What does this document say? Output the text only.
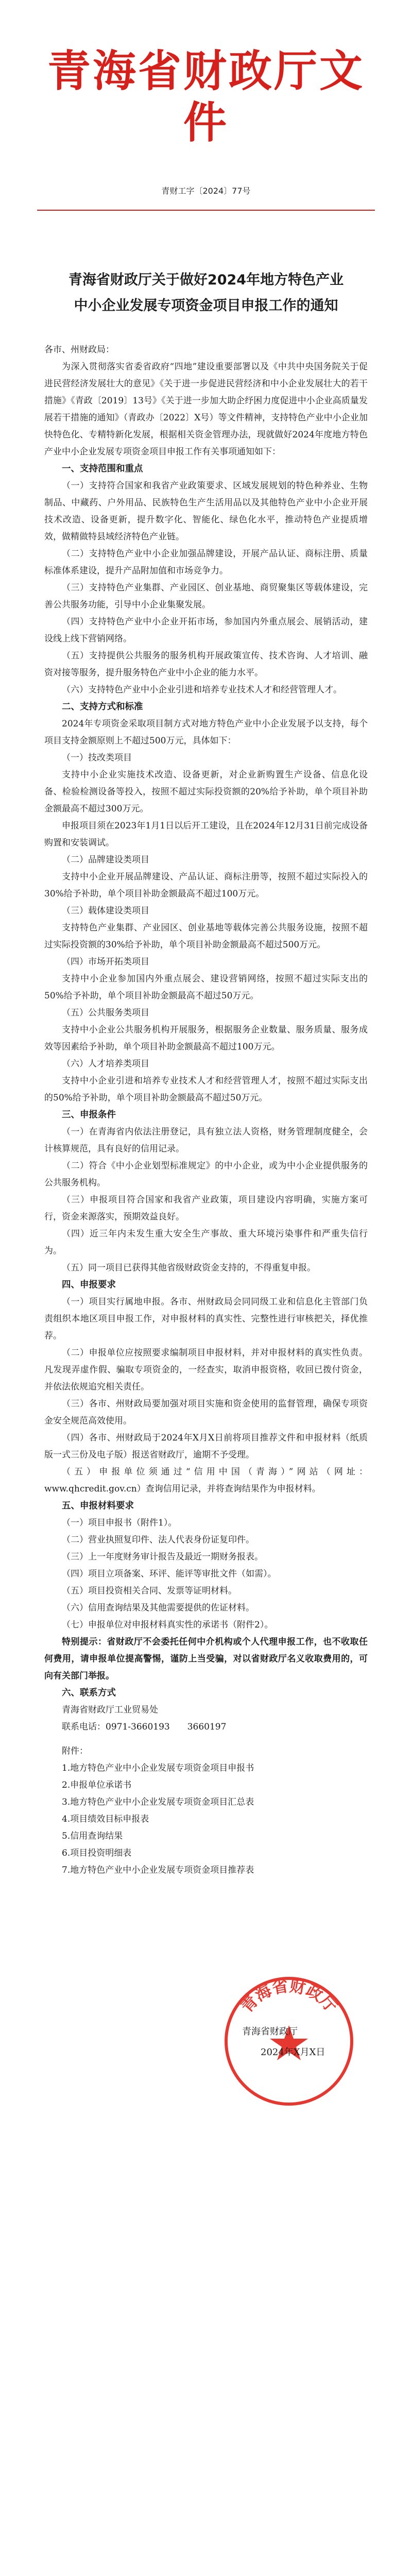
青海省财政厅文件
青财工字〔2024〕77号
青海省财政厅关于做好2024年地方特色产业
中小企业发展专项资金项目申报工作的通知

各市、州财政局：

为深入贯彻落实省委省政府“四地”建设重要部署以及《中共中央国务院关于促进民营经济发展壮大的意见》《关于进一步促进民营经济和中小企业发展壮大的若干措施》《青政〔2019〕13号》《关于进一步加大助企纾困力度促进中小企业高质量发展若干措施的通知》（青政办〔2022〕X号）等文件精神，支持特色产业中小企业加快特色化、专精特新化发展，根据相关资金管理办法，现就做好2024年度地方特色产业中小企业发展专项资金项目申报工作有关事项通知如下：

一、支持范围和重点

（一）支持符合国家和我省产业政策要求、区域发展规划的特色种养业、生物制品、中藏药、户外用品、民族特色生产生活用品以及其他特色产业中小企业开展技术改造、设备更新，提升数字化、智能化、绿色化水平，推动特色产业提质增效，做精做特县域经济特色产业链。

（二）支持特色产业中小企业加强品牌建设，开展产品认证、商标注册、质量标准体系建设，提升产品附加值和市场竞争力。

（三）支持特色产业集群、产业园区、创业基地、商贸聚集区等载体建设，完善公共服务功能，引导中小企业集聚发展。

（四）支持特色产业中小企业开拓市场，参加国内外重点展会、展销活动，建设线上线下营销网络。

（五）支持提供公共服务的服务机构开展政策宣传、技术咨询、人才培训、融资对接等服务，提升服务特色产业中小企业的能力水平。

（六）支持特色产业中小企业引进和培养专业技术人才和经营管理人才。

二、支持方式和标准

2024年专项资金采取项目制方式对地方特色产业中小企业发展予以支持，每个项目支持金额原则上不超过500万元，具体如下：

（一）技改类项目

支持中小企业实施技术改造、设备更新，对企业新购置生产设备、信息化设备、检验检测设备等投入，按照不超过实际投资额的20%给予补助，单个项目补助金额最高不超过300万元。

申报项目须在2023年1月1日以后开工建设，且在2024年12月31日前完成设备购置和安装调试。

（二）品牌建设类项目

支持中小企业开展品牌建设、产品认证、商标注册等，按照不超过实际投入的30%给予补助，单个项目补助金额最高不超过100万元。

（三）载体建设类项目

支持特色产业集群、产业园区、创业基地等载体完善公共服务设施，按照不超过实际投资额的30%给予补助，单个项目补助金额最高不超过500万元。

（四）市场开拓类项目

支持中小企业参加国内外重点展会、建设营销网络，按照不超过实际支出的50%给予补助，单个项目补助金额最高不超过50万元。

（五）公共服务类项目

支持中小企业公共服务机构开展服务，根据服务企业数量、服务质量、服务成效等因素给予补助，单个项目补助金额最高不超过100万元。

（六）人才培养类项目

支持中小企业引进和培养专业技术人才和经营管理人才，按照不超过实际支出的50%给予补助，单个项目补助金额最高不超过50万元。

三、申报条件

（一）在青海省内依法注册登记，具有独立法人资格，财务管理制度健全，会计核算规范，具有良好的信用记录。

（二）符合《中小企业划型标准规定》的中小企业，或为中小企业提供服务的公共服务机构。

（三）申报项目符合国家和我省产业政策，项目建设内容明确，实施方案可行，资金来源落实，预期效益良好。

（四）近三年内未发生重大安全生产事故、重大环境污染事件和严重失信行为。

（五）同一项目已获得其他省级财政资金支持的，不得重复申报。

四、申报要求

（一）项目实行属地申报。各市、州财政局会同同级工业和信息化主管部门负责组织本地区项目申报工作，对申报材料的真实性、完整性进行审核把关，择优推荐。

（二）申报单位应按照要求编制项目申报材料，并对申报材料的真实性负责。凡发现弄虚作假、骗取专项资金的，一经查实，取消申报资格，收回已拨付资金，并依法依规追究相关责任。

（三）各市、州财政局要加强对项目实施和资金使用的监督管理，确保专项资金安全规范高效使用。

（四）各市、州财政局于2024年X月X日前将项目推荐文件和申报材料（纸质版一式三份及电子版）报送省财政厅，逾期不予受理。

（五）申报单位须通过“信用中国（青海）”网站（网址：www.qhcredit.gov.cn）查询信用记录，并将查询结果作为申报材料。

五、申报材料要求

（一）项目申报书（附件1）。

（二）营业执照复印件、法人代表身份证复印件。

（三）上一年度财务审计报告及最近一期财务报表。

（四）项目立项备案、环评、能评等审批文件（如需）。

（五）项目投资相关合同、发票等证明材料。

（六）信用查询结果及其他需要提供的佐证材料。

（七）申报单位对申报材料真实性的承诺书（附件2）。

特别提示：省财政厅不会委托任何中介机构或个人代理申报工作，也不收取任何费用，请申报单位提高警惕，谨防上当受骗，对以省财政厅名义收取费用的，可向有关部门举报。

六、联系方式

青海省财政厅工业贸易处

联系电话：0971-3660193　　3660197

附件：

1.地方特色产业中小企业发展专项资金项目申报书

2.申报单位承诺书

3.地方特色产业中小企业发展专项资金项目汇总表

4.项目绩效目标申报表

5.信用查询结果

6.项目投资明细表

7.地方特色产业中小企业发展专项资金项目推荐表

青海省财政厅
青海省财政厅
2024年X月X日
